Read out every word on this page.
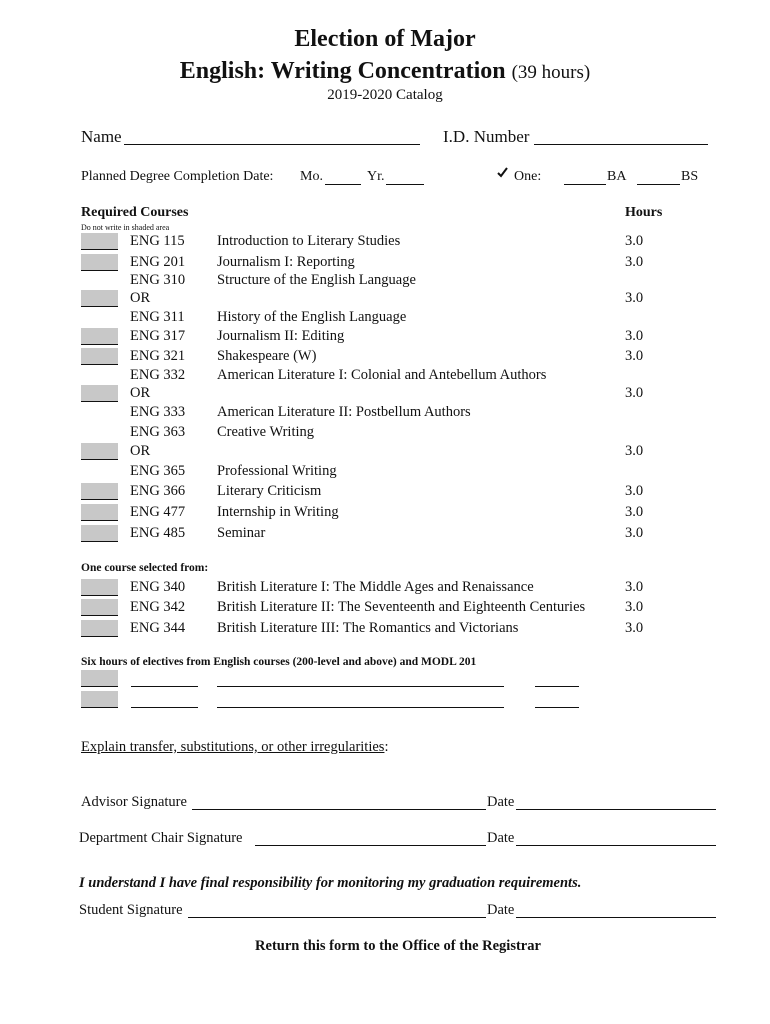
Election of Major
English: Writing Concentration (39 hours)
2019-2020 Catalog
Name	I.D. Number
Planned Degree Completion Date: Mo.	Yr.	One:	BA	BS
Required Courses	Hours
Do not write in shaded area
ENG 115 Introduction to Literary Studies	3.0
ENG 201 Journalism I: Reporting	3.0
ENG 310 Structure of the English Language
OR	3.0
ENG 311 History of the English Language
ENG 317 Journalism II: Editing	3.0
ENG 321 Shakespeare (W)	3.0
ENG 332 American Literature I: Colonial and Antebellum Authors
OR	3.0
ENG 333 American Literature II: Postbellum Authors
ENG 363 Creative Writing
OR	3.0
ENG 365 Professional Writing
ENG 366 Literary Criticism	3.0
ENG 477 Internship in Writing	3.0
ENG 485 Seminar	3.0
One course selected from:
ENG 340 British Literature I: The Middle Ages and Renaissance	3.0
ENG 342 British Literature II: The Seventeenth and Eighteenth Centuries	3.0
ENG 344 British Literature III: The Romantics and Victorians	3.0
Six hours of electives from English courses (200-level and above) and MODL 201
Explain transfer, substitutions, or other irregularities:
Advisor Signature	Date
Department Chair Signature	Date
I understand I have final responsibility for monitoring my graduation requirements.
Student Signature	Date
Return this form to the Office of the Registrar
